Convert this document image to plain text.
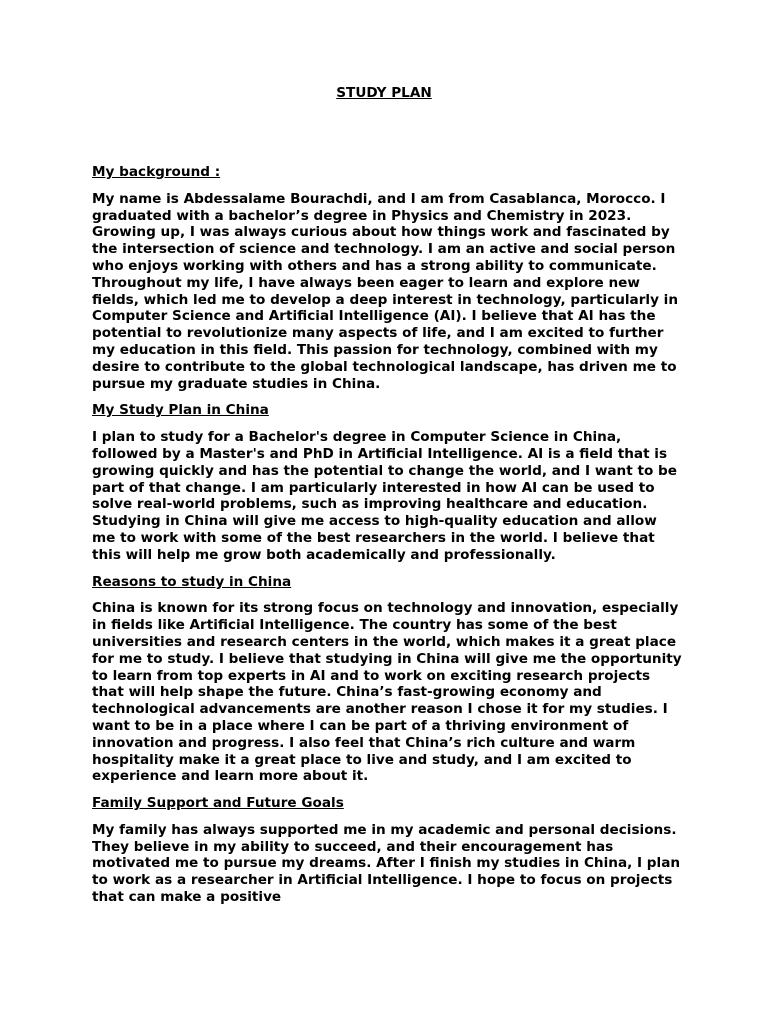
STUDY PLAN

My background :

My name is Abdessalame Bourachdi, and I am from Casablanca, Morocco. I graduated with a bachelor’s degree in Physics and Chemistry in 2023. Growing up, I was always curious about how things work and fascinated by the intersection of science and technology. I am an active and social person who enjoys working with others and has a strong ability to communicate. Throughout my life, I have always been eager to learn and explore new fields, which led me to develop a deep interest in technology, particularly in Computer Science and Artificial Intelligence (AI). I believe that AI has the potential to revolutionize many aspects of life, and I am excited to further my education in this field. This passion for technology, combined with my desire to contribute to the global technological landscape, has driven me to pursue my graduate studies in China.

My Study Plan in China

I plan to study for a Bachelor's degree in Computer Science in China, followed by a Master's and PhD in Artificial Intelligence. AI is a field that is growing quickly and has the potential to change the world, and I want to be part of that change. I am particularly interested in how AI can be used to solve real-world problems, such as improving healthcare and education. Studying in China will give me access to high-quality education and allow me to work with some of the best researchers in the world. I believe that this will help me grow both academically and professionally.

Reasons to study in China

China is known for its strong focus on technology and innovation, especially in fields like Artificial Intelligence. The country has some of the best universities and research centers in the world, which makes it a great place for me to study. I believe that studying in China will give me the opportunity to learn from top experts in AI and to work on exciting research projects that will help shape the future. China’s fast-growing economy and technological advancements are another reason I chose it for my studies. I want to be in a place where I can be part of a thriving environment of innovation and progress. I also feel that China’s rich culture and warm hospitality make it a great place to live and study, and I am excited to experience and learn more about it.

Family Support and Future Goals

My family has always supported me in my academic and personal decisions. They believe in my ability to succeed, and their encouragement has motivated me to pursue my dreams. After I finish my studies in China, I plan to work as a researcher in Artificial Intelligence. I hope to focus on projects that can make a positive
